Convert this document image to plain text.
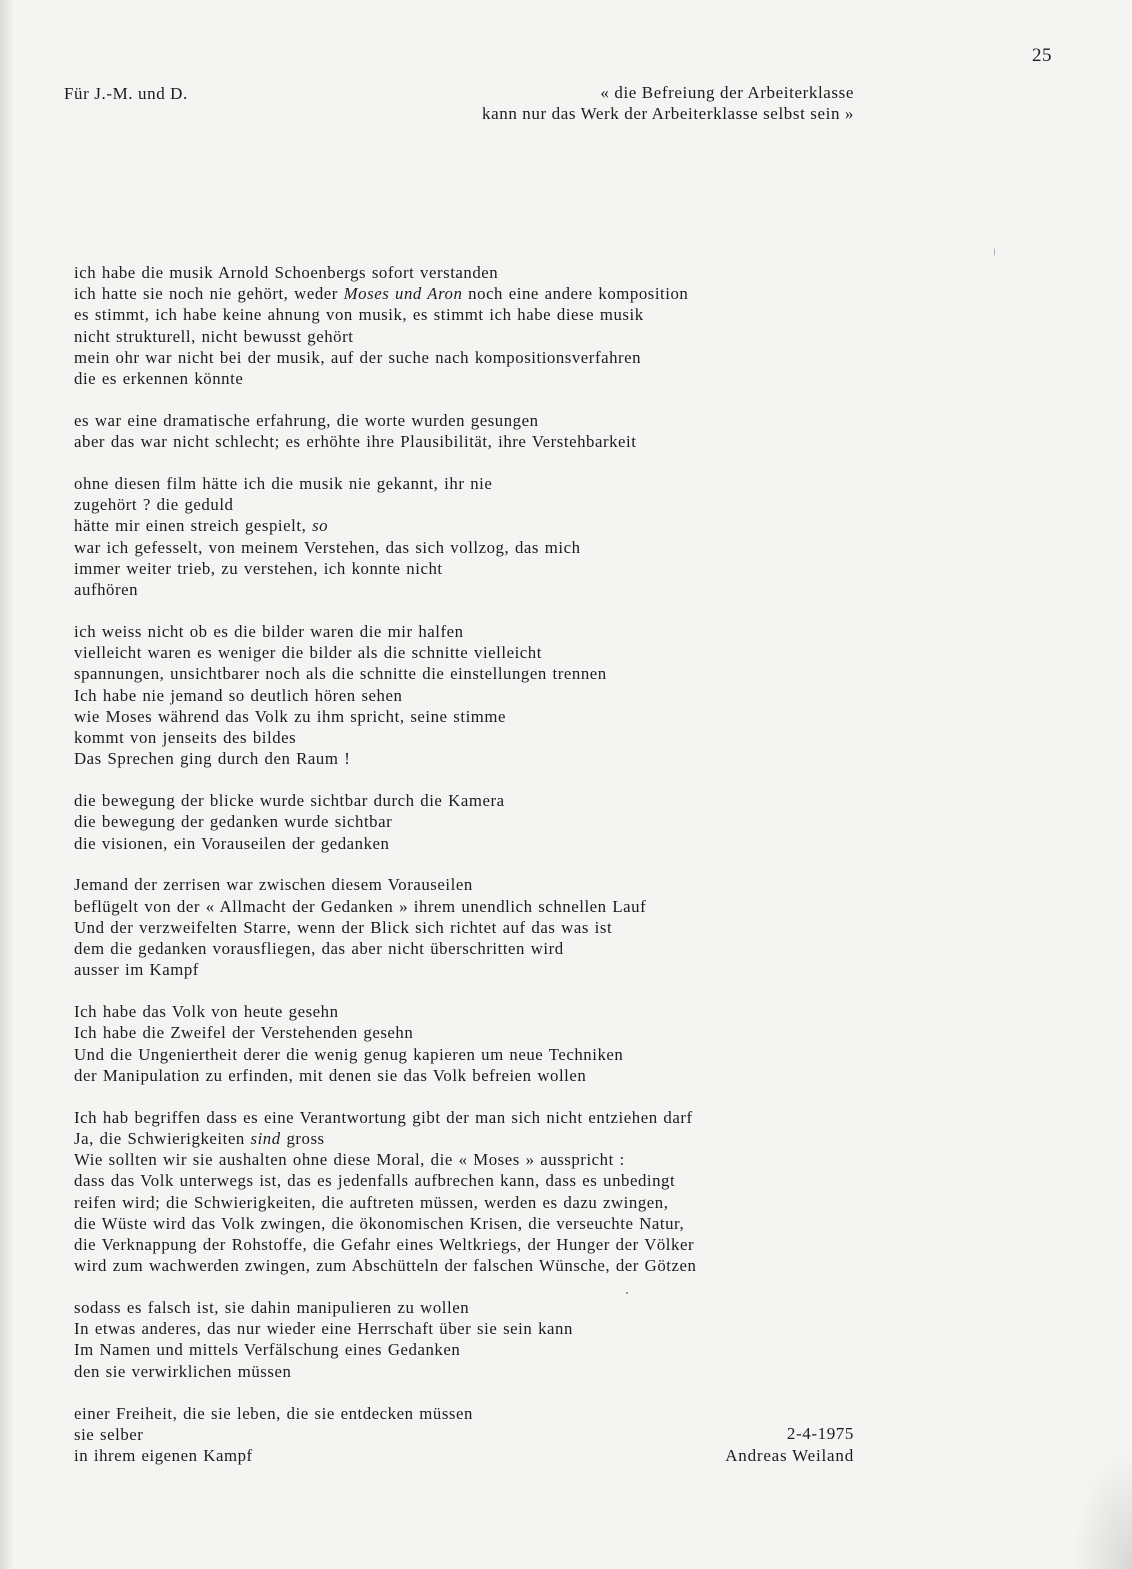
25
Für J.-M. und D.	« die Befreiung der Arbeiterklasse
kann nur das Werk der Arbeiterklasse selbst sein »
ich habe die musik Arnold Schoenbergs sofort verstanden
ich hatte sie noch nie gehört, weder Moses und Aron noch eine andere komposition
es stimmt, ich habe keine ahnung von musik, es stimmt ich habe diese musik
nicht strukturell, nicht bewusst gehört
mein ohr war nicht bei der musik, auf der suche nach kompositionsverfahren
die es erkennen könnte
es war eine dramatische erfahrung, die worte wurden gesungen
aber das war nicht schlecht; es erhöhte ihre Plausibilität, ihre Verstehbarkeit
ohne diesen film hätte ich die musik nie gekannt, ihr nie
zugehört ? die geduld
hätte mir einen streich gespielt, so
war ich gefesselt, von meinem Verstehen, das sich vollzog, das mich
immer weiter trieb, zu verstehen, ich konnte nicht
aufhören
ich weiss nicht ob es die bilder waren die mir halfen
vielleicht waren es weniger die bilder als die schnitte vielleicht
spannungen, unsichtbarer noch als die schnitte die einstellungen trennen
Ich habe nie jemand so deutlich hören sehen
wie Moses während das Volk zu ihm spricht, seine stimme
kommt von jenseits des bildes
Das Sprechen ging durch den Raum !
die bewegung der blicke wurde sichtbar durch die Kamera
die bewegung der gedanken wurde sichtbar
die visionen, ein Vorauseilen der gedanken
Jemand der zerrisen war zwischen diesem Vorauseilen
beflügelt von der « Allmacht der Gedanken » ihrem unendlich schnellen Lauf
Und der verzweifelten Starre, wenn der Blick sich richtet auf das was ist
dem die gedanken vorausfliegen, das aber nicht überschritten wird
ausser im Kampf
Ich habe das Volk von heute gesehn
Ich habe die Zweifel der Verstehenden gesehn
Und die Ungeniertheit derer die wenig genug kapieren um neue Techniken
der Manipulation zu erfinden, mit denen sie das Volk befreien wollen
Ich hab begriffen dass es eine Verantwortung gibt der man sich nicht entziehen darf
Ja, die Schwierigkeiten sind gross
Wie sollten wir sie aushalten ohne diese Moral, die « Moses » ausspricht :
dass das Volk unterwegs ist, das es jedenfalls aufbrechen kann, dass es unbedingt
reifen wird; die Schwierigkeiten, die auftreten müssen, werden es dazu zwingen,
die Wüste wird das Volk zwingen, die ökonomischen Krisen, die verseuchte Natur,
die Verknappung der Rohstoffe, die Gefahr eines Weltkriegs, der Hunger der Völker
wird zum wachwerden zwingen, zum Abschütteln der falschen Wünsche, der Götzen
sodass es falsch ist, sie dahin manipulieren zu wollen
In etwas anderes, das nur wieder eine Herrschaft über sie sein kann
Im Namen und mittels Verfälschung eines Gedanken
den sie verwirklichen müssen
einer Freiheit, die sie leben, die sie entdecken müssen
sie selber
in ihrem eigenen Kampf
2-4-1975
Andreas Weiland
